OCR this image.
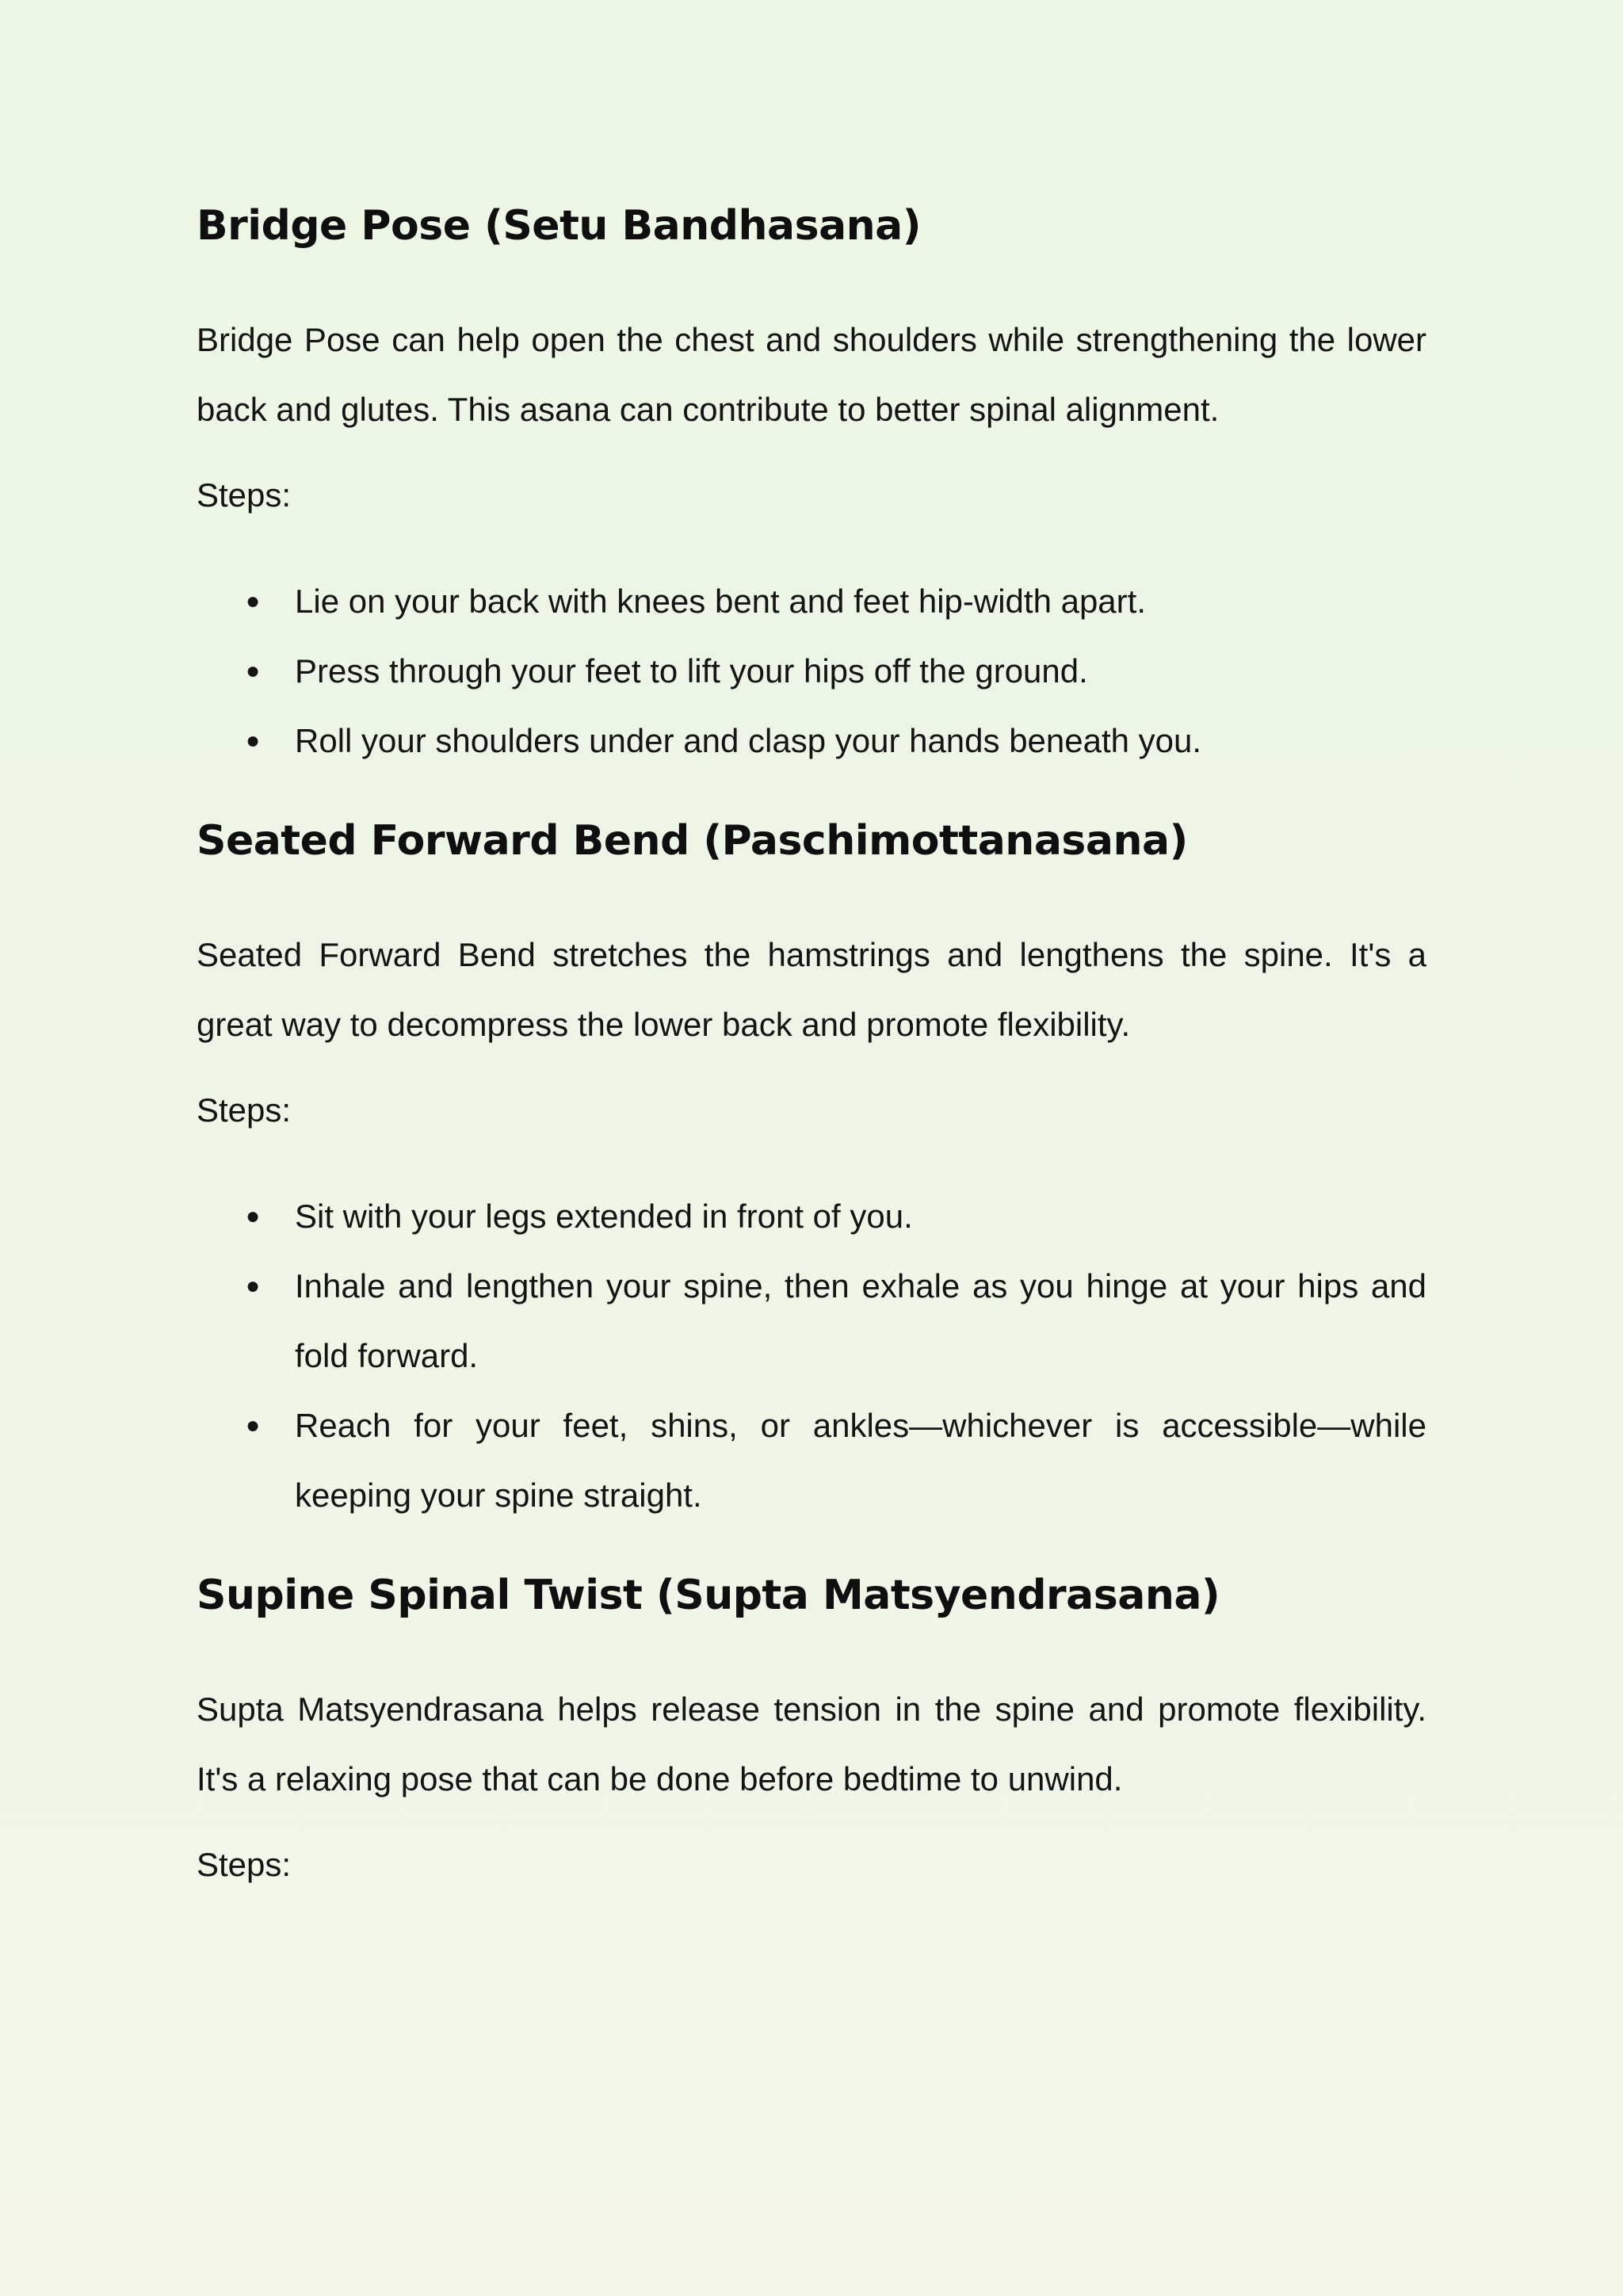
Bridge Pose (Setu Bandhasana)

Bridge Pose can help open the chest and shoulders while strengthening the lower back and glutes. This asana can contribute to better spinal alignment.

Steps:

● Lie on your back with knees bent and feet hip-width apart.
● Press through your feet to lift your hips off the ground.
● Roll your shoulders under and clasp your hands beneath you.
Seated Forward Bend (Paschimottanasana)

Seated Forward Bend stretches the hamstrings and lengthens the spine. It's a great way to decompress the lower back and promote flexibility.

Steps:

● Sit with your legs extended in front of you.
● Inhale and lengthen your spine, then exhale as you hinge at your hips and fold forward.
● Reach for your feet, shins, or ankles—whichever is accessible—while keeping your spine straight.
Supine Spinal Twist (Supta Matsyendrasana)

Supta Matsyendrasana helps release tension in the spine and promote flexibility. It's a relaxing pose that can be done before bedtime to unwind.

Steps:
